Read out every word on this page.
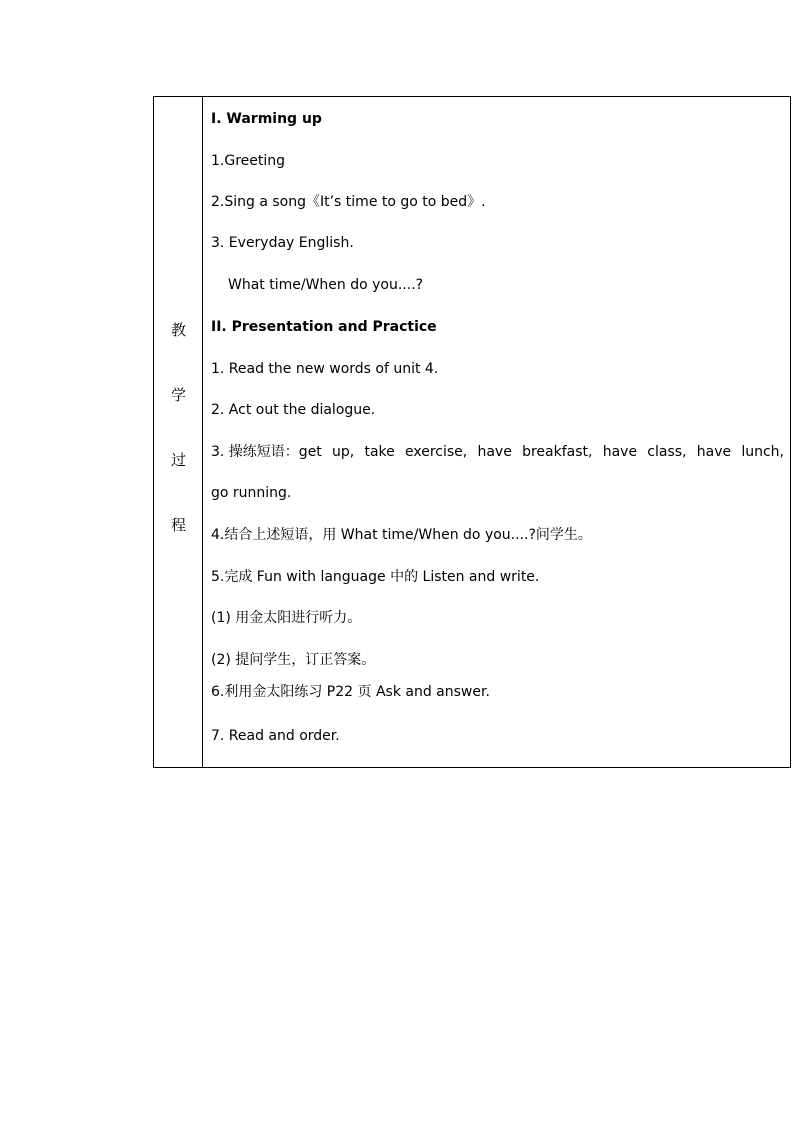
教
学
过
程
I. Warming up
1.Greeting
2.Sing a song《It’s time to go to bed》.
3. Everyday English.
What time/When do you....?
II. Presentation and Practice
1. Read the new words of unit 4.
2. Act out the dialogue.
3. 操练短语：get up, take exercise, have breakfast, have class, have lunch,
go running.
4.结合上述短语，用 What time/When do you....?问学生。
5.完成 Fun with language 中的 Listen and write.
(1) 用金太阳进行听力。
(2) 提问学生，订正答案。
6.利用金太阳练习 P22 页 Ask and answer.
7. Read and order.
